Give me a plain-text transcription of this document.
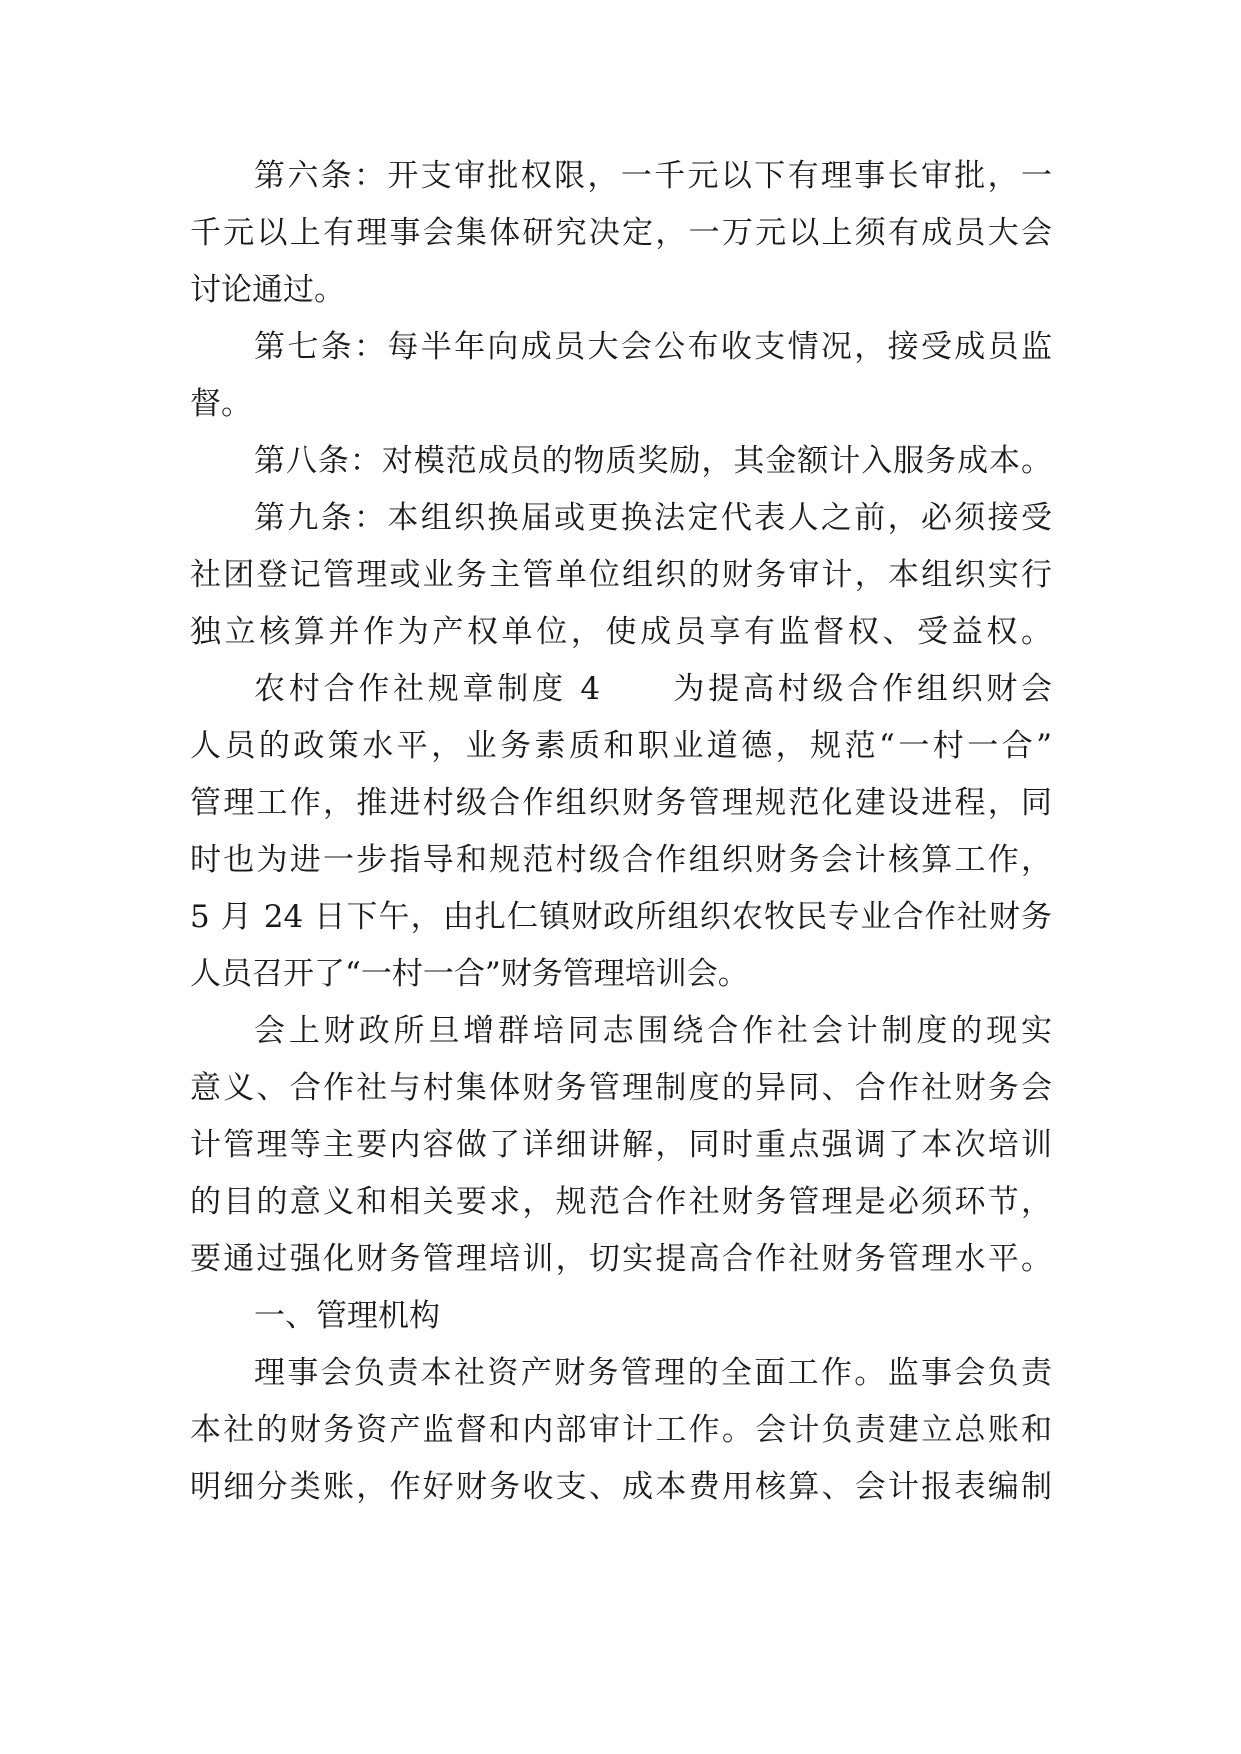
第六条：开支审批权限，一千元以下有理事长审批，一
千元以上有理事会集体研究决定，一万元以上须有成员大会
讨论通过。
第七条：每半年向成员大会公布收支情况，接受成员监
督。
第八条：对模范成员的物质奖励，其金额计入服务成本。
第九条：本组织换届或更换法定代表人之前，必须接受
社团登记管理或业务主管单位组织的财务审计，本组织实行
独立核算并作为产权单位，使成员享有监督权、受益权。
农村合作社规章制度 4　　为提高村级合作组织财会
人员的政策水平，业务素质和职业道德，规范“一村一合”
管理工作，推进村级合作组织财务管理规范化建设进程，同
时也为进一步指导和规范村级合作组织财务会计核算工作，
5 月 24 日下午，由扎仁镇财政所组织农牧民专业合作社财务
人员召开了“一村一合”财务管理培训会。
会上财政所旦增群培同志围绕合作社会计制度的现实
意义、合作社与村集体财务管理制度的异同、合作社财务会
计管理等主要内容做了详细讲解，同时重点强调了本次培训
的目的意义和相关要求，规范合作社财务管理是必须环节，
要通过强化财务管理培训，切实提高合作社财务管理水平。
一、管理机构
理事会负责本社资产财务管理的全面工作。监事会负责
本社的财务资产监督和内部审计工作。会计负责建立总账和
明细分类账，作好财务收支、成本费用核算、会计报表编制
